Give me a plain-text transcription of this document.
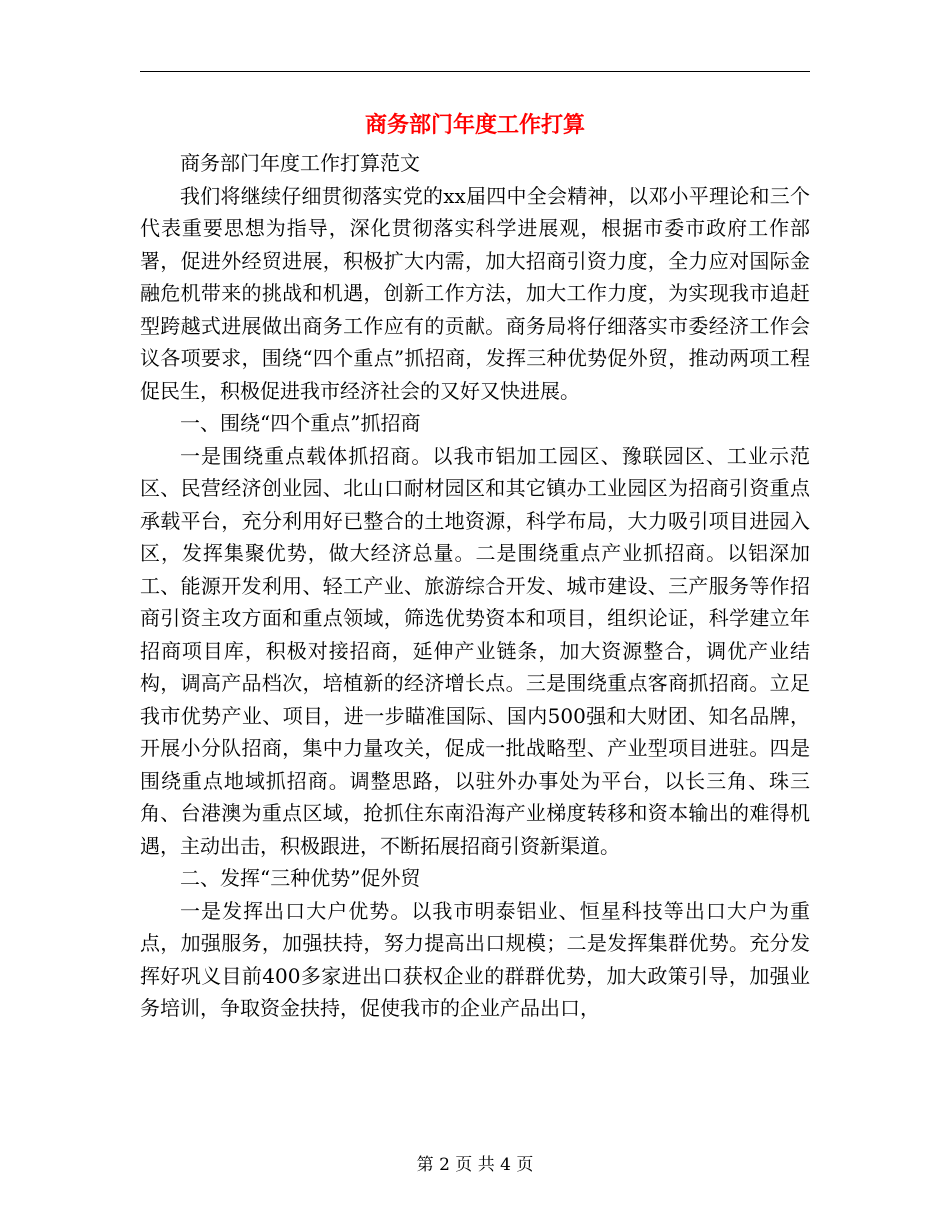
商务部门年度工作打算

商务部门年度工作打算范文

我们将继续仔细贯彻落实党的xx届四中全会精神，以邓小平理论和三个代表重要思想为指导，深化贯彻落实科学进展观，根据市委市政府工作部署，促进外经贸进展，积极扩大内需，加大招商引资力度，全力应对国际金融危机带来的挑战和机遇，创新工作方法，加大工作力度，为实现我市追赶型跨越式进展做出商务工作应有的贡献。商务局将仔细落实市委经济工作会议各项要求，围绕“四个重点”抓招商，发挥三种优势促外贸，推动两项工程促民生，积极促进我市经济社会的又好又快进展。

一、围绕“四个重点”抓招商

一是围绕重点载体抓招商。以我市铝加工园区、豫联园区、工业示范区、民营经济创业园、北山口耐材园区和其它镇办工业园区为招商引资重点承载平台，充分利用好已整合的土地资源，科学布局，大力吸引项目进园入区，发挥集聚优势，做大经济总量。二是围绕重点产业抓招商。以铝深加工、能源开发利用、轻工产业、旅游综合开发、城市建设、三产服务等作招商引资主攻方面和重点领域，筛选优势资本和项目，组织论证，科学建立年招商项目库，积极对接招商，延伸产业链条，加大资源整合，调优产业结构，调高产品档次，培植新的经济增长点。三是围绕重点客商抓招商。立足我市优势产业、项目，进一步瞄准国际、国内500强和大财团、知名品牌，开展小分队招商，集中力量攻关，促成一批战略型、产业型项目进驻。四是围绕重点地域抓招商。调整思路，以驻外办事处为平台，以长三角、珠三角、台港澳为重点区域，抢抓住东南沿海产业梯度转移和资本输出的难得机遇，主动出击，积极跟进，不断拓展招商引资新渠道。

二、发挥“三种优势”促外贸

一是发挥出口大户优势。以我市明泰铝业、恒星科技等出口大户为重点，加强服务，加强扶持，努力提高出口规模；二是发挥集群优势。充分发挥好巩义目前400多家进出口获权企业的群群优势，加大政策引导，加强业务培训，争取资金扶持，促使我市的企业产品出口，

第 2 页 共 4 页
